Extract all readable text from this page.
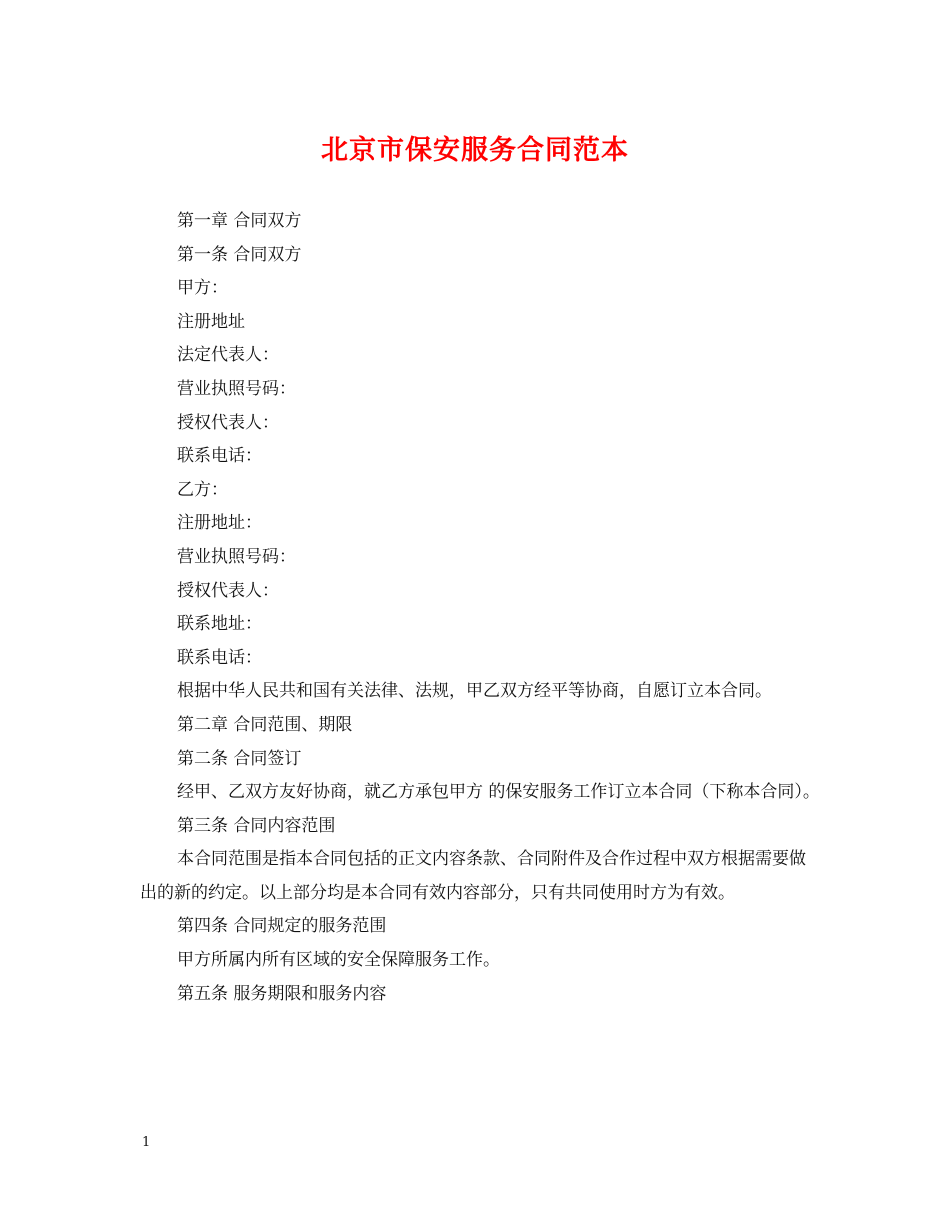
北京市保安服务合同范本

第一章 合同双方

第一条 合同双方

甲方：

注册地址

法定代表人：

营业执照号码：

授权代表人：

联系电话：

乙方：

注册地址：

营业执照号码：

授权代表人：

联系地址：

联系电话：

根据中华人民共和国有关法律、法规，甲乙双方经平等协商，自愿订立本合同。

第二章 合同范围、期限

第二条 合同签订

经甲、乙双方友好协商，就乙方承包甲方 的保安服务工作订立本合同（下称本合同）。

第三条 合同内容范围

本合同范围是指本合同包括的正文内容条款、合同附件及合作过程中双方根据需要做出的新的约定。以上部分均是本合同有效内容部分，只有共同使用时方为有效。

第四条 合同规定的服务范围

甲方所属内所有区域的安全保障服务工作。

第五条 服务期限和服务内容

1
